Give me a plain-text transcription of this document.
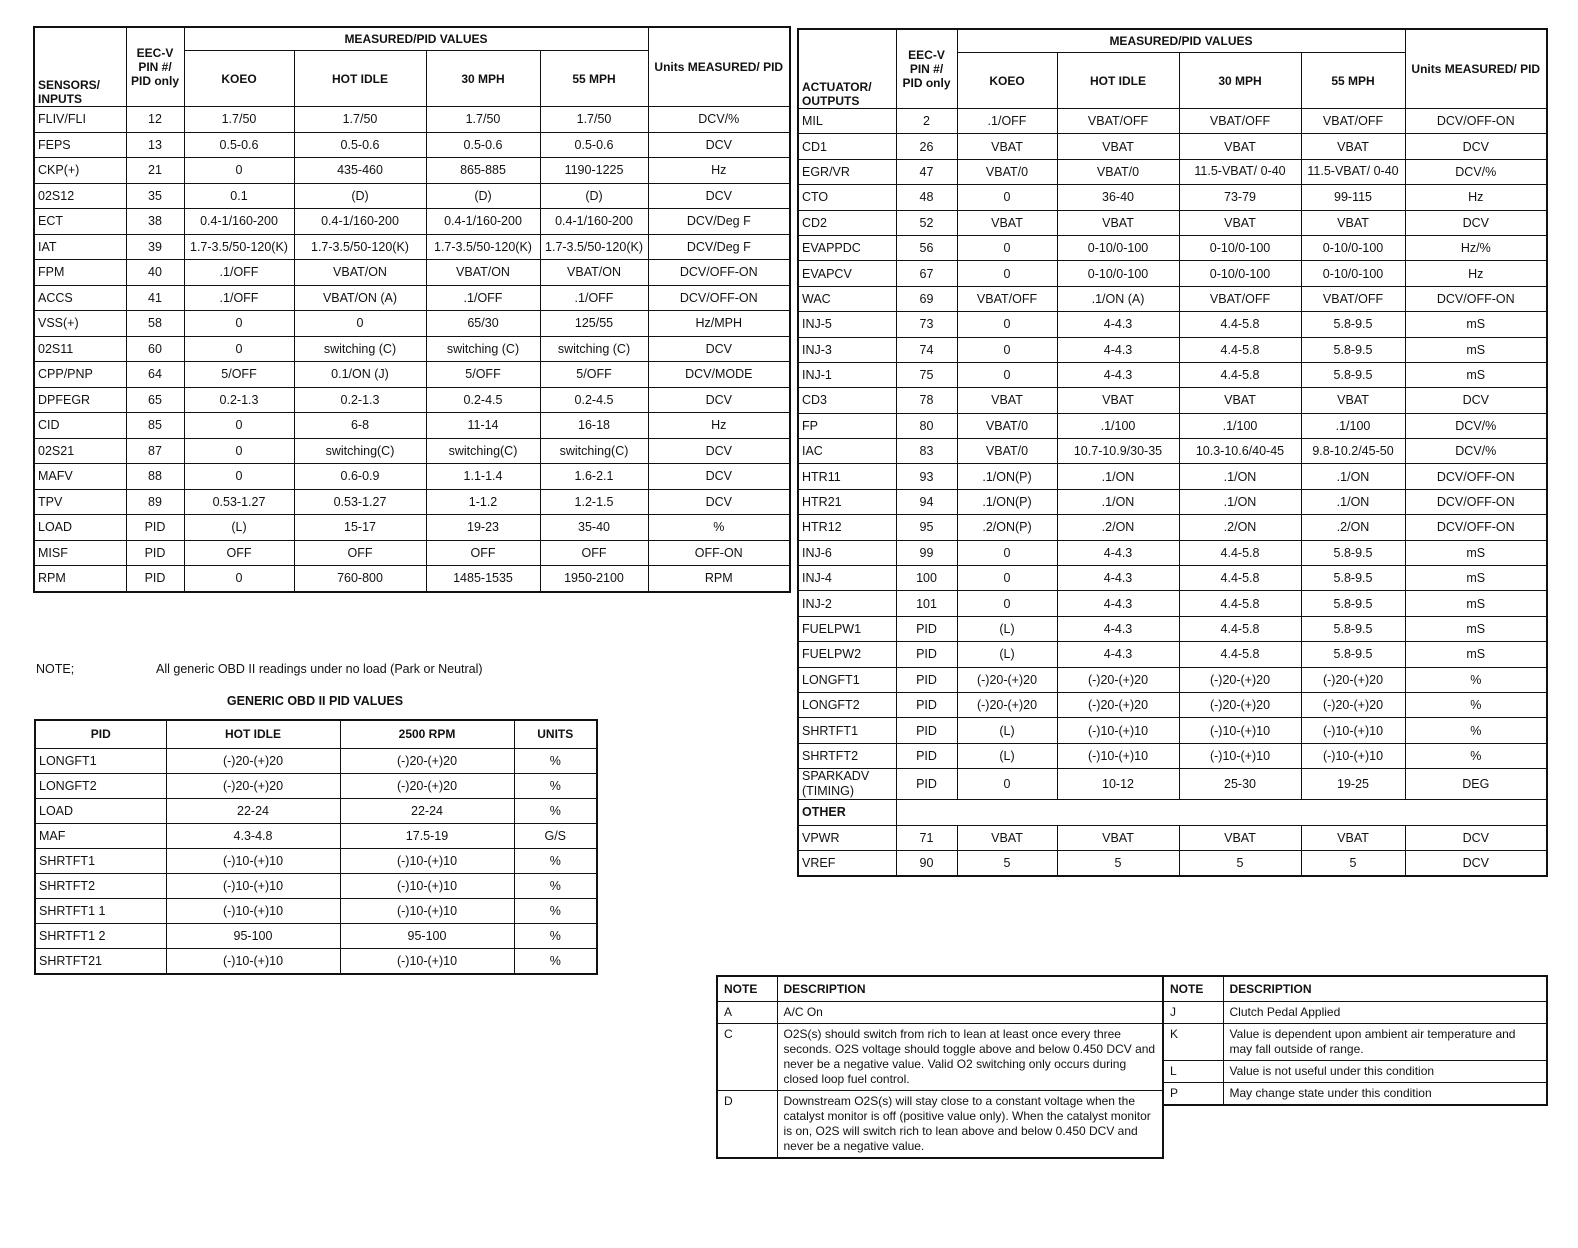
SENSORS/ INPUTS	EEC-V PIN #/ PID only	MEASURED/PID VALUES				Units MEASURED/ PID
		KOEO	HOT IDLE	30 MPH	55 MPH	
FLIV/FLI	12	1.7/50	1.7/50	1.7/50	1.7/50	DCV/%
FEPS	13	0.5-0.6	0.5-0.6	0.5-0.6	0.5-0.6	DCV
CKP(+)	21	0	435-460	865-885	1190-1225	Hz
02S12	35	0.1	(D)	(D)	(D)	DCV
ECT	38	0.4-1/160-200	0.4-1/160-200	0.4-1/160-200	0.4-1/160-200	DCV/Deg F
IAT	39	1.7-3.5/50-120(K)	1.7-3.5/50-120(K)	1.7-3.5/50-120(K)	1.7-3.5/50-120(K)	DCV/Deg F
FPM	40	.1/OFF	VBAT/ON	VBAT/ON	VBAT/ON	DCV/OFF-ON
ACCS	41	.1/OFF	VBAT/ON (A)	.1/OFF	.1/OFF	DCV/OFF-ON
VSS(+)	58	0	0	65/30	125/55	Hz/MPH
02S11	60	0	switching (C)	switching (C)	switching (C)	DCV
CPP/PNP	64	5/OFF	0.1/ON (J)	5/OFF	5/OFF	DCV/MODE
DPFEGR	65	0.2-1.3	0.2-1.3	0.2-4.5	0.2-4.5	DCV
CID	85	0	6-8	11-14	16-18	Hz
02S21	87	0	switching(C)	switching(C)	switching(C)	DCV
MAFV	88	0	0.6-0.9	1.1-1.4	1.6-2.1	DCV
TPV	89	0.53-1.27	0.53-1.27	1-1.2	1.2-1.5	DCV
LOAD	PID	(L)	15-17	19-23	35-40	%
MISF	PID	OFF	OFF	OFF	OFF	OFF-ON
RPM	PID	0	760-800	1485-1535	1950-2100	RPM
NOTE;	All generic OBD II readings under no load (Park or Neutral)
GENERIC OBD II PID VALUES
PID	HOT IDLE	2500 RPM	UNITS
LONGFT1	(-)20-(+)20	(-)20-(+)20	%
LONGFT2	(-)20-(+)20	(-)20-(+)20	%
LOAD	22-24	22-24	%
MAF	4.3-4.8	17.5-19	G/S
SHRTFT1	(-)10-(+)10	(-)10-(+)10	%
SHRTFT2	(-)10-(+)10	(-)10-(+)10	%
SHRTFT1 1	(-)10-(+)10	(-)10-(+)10	%
SHRTFT1 2	95-100	95-100	%
SHRTFT21	(-)10-(+)10	(-)10-(+)10	%
ACTUATOR/ OUTPUTS	EEC-V PIN #/ PID only	MEASURED/PID VALUES				Units MEASURED/ PID
		KOEO	HOT IDLE	30 MPH	55 MPH	
MIL	2	.1/OFF	VBAT/OFF	VBAT/OFF	VBAT/OFF	DCV/OFF-ON
CD1	26	VBAT	VBAT	VBAT	VBAT	DCV
EGR/VR	47	VBAT/0	VBAT/0	11.5-VBAT/ 0-40	11.5-VBAT/ 0-40	DCV/%
CTO	48	0	36-40	73-79	99-115	Hz
CD2	52	VBAT	VBAT	VBAT	VBAT	DCV
EVAPPDC	56	0	0-10/0-100	0-10/0-100	0-10/0-100	Hz/%
EVAPCV	67	0	0-10/0-100	0-10/0-100	0-10/0-100	Hz
WAC	69	VBAT/OFF	.1/ON (A)	VBAT/OFF	VBAT/OFF	DCV/OFF-ON
INJ-5	73	0	4-4.3	4.4-5.8	5.8-9.5	mS
INJ-3	74	0	4-4.3	4.4-5.8	5.8-9.5	mS
INJ-1	75	0	4-4.3	4.4-5.8	5.8-9.5	mS
CD3	78	VBAT	VBAT	VBAT	VBAT	DCV
FP	80	VBAT/0	.1/100	.1/100	.1/100	DCV/%
IAC	83	VBAT/0	10.7-10.9/30-35	10.3-10.6/40-45	9.8-10.2/45-50	DCV/%
HTR11	93	.1/ON(P)	.1/ON	.1/ON	.1/ON	DCV/OFF-ON
HTR21	94	.1/ON(P)	.1/ON	.1/ON	.1/ON	DCV/OFF-ON
HTR12	95	.2/ON(P)	.2/ON	.2/ON	.2/ON	DCV/OFF-ON
INJ-6	99	0	4-4.3	4.4-5.8	5.8-9.5	mS
INJ-4	100	0	4-4.3	4.4-5.8	5.8-9.5	mS
INJ-2	101	0	4-4.3	4.4-5.8	5.8-9.5	mS
FUELPW1	PID	(L)	4-4.3	4.4-5.8	5.8-9.5	mS
FUELPW2	PID	(L)	4-4.3	4.4-5.8	5.8-9.5	mS
LONGFT1	PID	(-)20-(+)20	(-)20-(+)20	(-)20-(+)20	(-)20-(+)20	%
LONGFT2	PID	(-)20-(+)20	(-)20-(+)20	(-)20-(+)20	(-)20-(+)20	%
SHRTFT1	PID	(L)	(-)10-(+)10	(-)10-(+)10	(-)10-(+)10	%
SHRTFT2	PID	(L)	(-)10-(+)10	(-)10-(+)10	(-)10-(+)10	%
SPARKADV (TIMING)	PID	0	10-12	25-30	19-25	DEG
OTHER						
VPWR	71	VBAT	VBAT	VBAT	VBAT	DCV
VREF	90	5	5	5	5	DCV
NOTE	DESCRIPTION
A	A/C On
C	O2S(s) should switch from rich to lean at least once every three seconds. O2S voltage should toggle above and below 0.450 DCV and never be a negative value. Valid O2 switching only occurs during closed loop fuel control.
D	Downstream O2S(s) will stay close to a constant voltage when the catalyst monitor is off (positive value only). When the catalyst monitor is on, O2S will switch rich to lean above and below 0.450 DCV and never be a negative value.
NOTE	DESCRIPTION
J	Clutch Pedal Applied
K	Value is dependent upon ambient air temperature and may fall outside of range.
L	Value is not useful under this condition
P	May change state under this condition
